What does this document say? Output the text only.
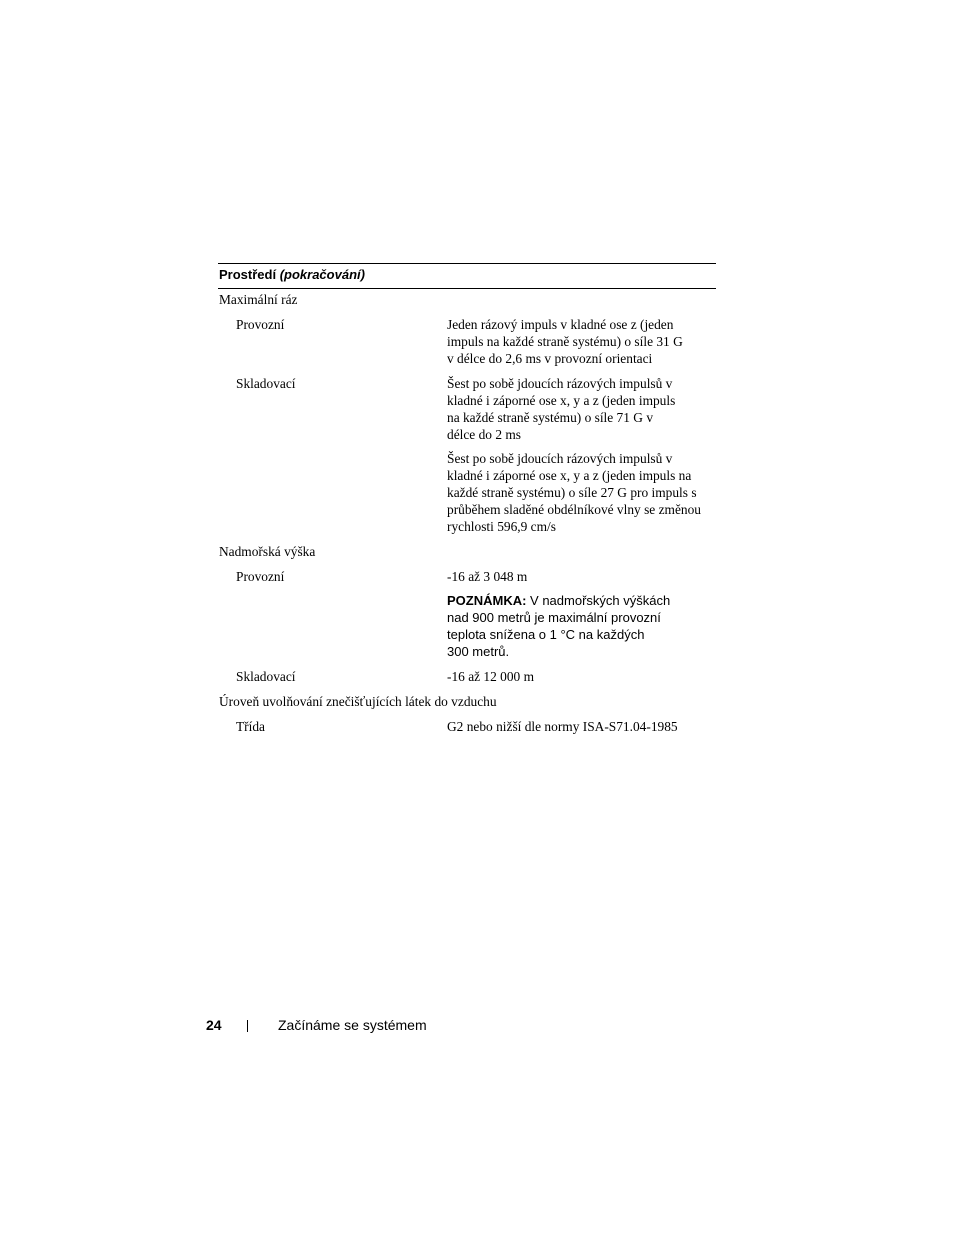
Prostředí (pokračování)
Maximální ráz
Provozní	Jeden rázový impuls v kladné ose z (jeden
impuls na každé straně systému) o síle 31 G
v délce do 2,6 ms v provozní orientaci
Skladovací	Šest po sobě jdoucích rázových impulsů v
kladné i záporné ose x, y a z (jeden impuls
na každé straně systému) o síle 71 G v
délce do 2 ms
Šest po sobě jdoucích rázových impulsů v
kladné i záporné ose x, y a z (jeden impuls na
každé straně systému) o síle 27 G pro impuls s
průběhem sladěné obdélníkové vlny se změnou
rychlosti 596,9 cm/s
Nadmořská výška
Provozní	-16 až 3 048 m
POZNÁMKA: V nadmořských výškách
nad 900 metrů je maximální provozní
teplota snížena o 1 °C na každých
300 metrů.
Skladovací	-16 až 12 000 m
Úroveň uvolňování znečišťujících látek do vzduchu
Třída	G2 nebo nižší dle normy ISA-S71.04-1985
24	Začínáme se systémem
